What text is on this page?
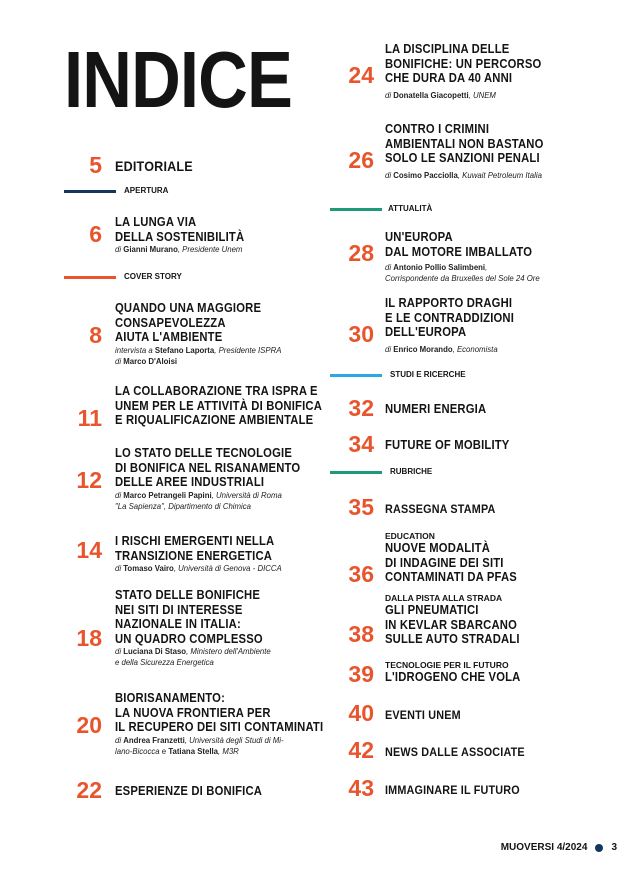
INDICE
5 EDITORIALE
APERTURA
6 LA LUNGA VIA
DELLA SOSTENIBILITÀ
di Gianni Murano, Presidente Unem
COVER STORY
8
QUANDO UNA MAGGIORE
CONSAPEVOLEZZA
AIUTA L'AMBIENTE
intervista a Stefano Laporta, Presidente ISPRA
di Marco D'Aloisi
11
LA COLLABORAZIONE TRA ISPRA E
UNEM PER LE ATTIVITÀ DI BONIFICA
E RIQUALIFICAZIONE AMBIENTALE
12
LO STATO DELLE TECNOLOGIE
DI BONIFICA NEL RISANAMENTO
DELLE AREE INDUSTRIALI
di Marco Petrangeli Papini, Università di Roma
"La Sapienza", Dipartimento di Chimica
14 I RISCHI EMERGENTI NELLA
TRANSIZIONE ENERGETICA
di Tomaso Vairo, Università di Genova - DICCA
18
STATO DELLE BONIFICHE
NEI SITI DI INTERESSE
NAZIONALE IN ITALIA:
UN QUADRO COMPLESSO
di Luciana Di Staso, Ministero dell'Ambiente
e della Sicurezza Energetica
20
BIORISANAMENTO:
LA NUOVA FRONTIERA PER
IL RECUPERO DEI SITI CONTAMINATI
di Andrea Franzetti, Università degli Studi di Mi-
lano-Bicocca e Tatiana Stella, M3R
22 ESPERIENZE DI BONIFICA
24
LA DISCIPLINA DELLE
BONIFICHE: UN PERCORSO
CHE DURA DA 40 ANNI
di Donatella Giacopetti, UNEM
26
CONTRO I CRIMINI
AMBIENTALI NON BASTANO
SOLO LE SANZIONI PENALI
di Cosimo Pacciolla, Kuwait Petroleum Italia
ATTUALITÀ
28
UN'EUROPA
DAL MOTORE IMBALLATO
di Antonio Pollio Salimbeni,
Corrispondente da Bruxelles del Sole 24 Ore
30
IL RAPPORTO DRAGHI
E LE CONTRADDIZIONI
DELL'EUROPA
di Enrico Morando, Economista
STUDI E RICERCHE
32 NUMERI ENERGIA
34 FUTURE OF MOBILITY
RUBRICHE
35 RASSEGNA STAMPA
36
EDUCATION
NUOVE MODALITÀ
DI INDAGINE DEI SITI
CONTAMINATI DA PFAS
38
DALLA PISTA ALLA STRADA
GLI PNEUMATICI
IN KEVLAR SBARCANO
SULLE AUTO STRADALI
39 TECNOLOGIE PER IL FUTURO
L'IDROGENO CHE VOLA
40 EVENTI UNEM
42 NEWS DALLE ASSOCIATE
43 IMMAGINARE IL FUTURO
MUOVERSI 4/2024 3
